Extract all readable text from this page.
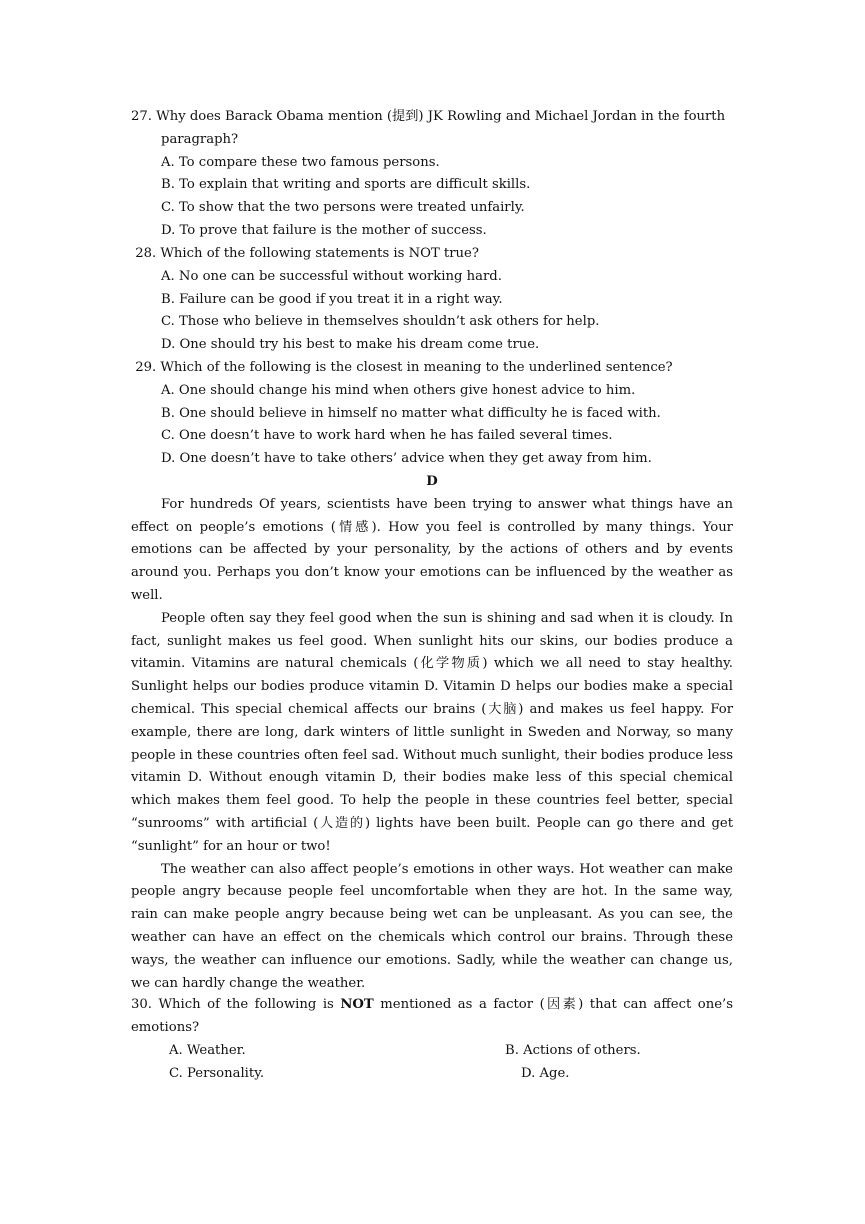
27. Why does Barack Obama mention (提到) JK Rowling and Michael Jordan in the fourth
paragraph?
A. To compare these two famous persons.
B. To explain that writing and sports are difficult skills.
C. To show that the two persons were treated unfairly.
D. To prove that failure is the mother of success.
28. Which of the following statements is NOT true?
A. No one can be successful without working hard.
B. Failure can be good if you treat it in a right way.
C. Those who believe in themselves shouldn’t ask others for help.
D. One should try his best to make his dream come true.
29. Which of the following is the closest in meaning to the underlined sentence?
A. One should change his mind when others give honest advice to him.
B. One should believe in himself no matter what difficulty he is faced with.
C. One doesn’t have to work hard when he has failed several times.
D. One doesn’t have to take others’ advice when they get away from him.
D

For hundreds Of years, scientists have been trying to answer what things have an effect on people’s emotions (情感). How you feel is controlled by many things. Your emotions can be affected by your personality, by the actions of others and by events around you. Perhaps you don’t know your emotions can be influenced by the weather as well.

People often say they feel good when the sun is shining and sad when it is cloudy. In fact, sunlight makes us feel good. When sunlight hits our skins, our bodies produce a vitamin. Vitamins are natural chemicals (化学物质) which we all need to stay healthy. Sunlight helps our bodies produce vitamin D. Vitamin D helps our bodies make a special chemical. This special chemical affects our brains (大脑) and makes us feel happy. For example, there are long, dark winters of little sunlight in Sweden and Norway, so many people in these countries often feel sad. Without much sunlight, their bodies produce less vitamin D. Without enough vitamin D, their bodies make less of this special chemical which makes them feel good. To help the people in these countries feel better, special “sunrooms” with artificial (人造的) lights have been built. People can go there and get “sunlight” for an hour or two!

The weather can also affect people’s emotions in other ways. Hot weather can make people angry because people feel uncomfortable when they are hot. In the same way, rain can make people angry because being wet can be unpleasant. As you can see, the weather can have an effect on the chemicals which control our brains. Through these ways, the weather can influence our emotions. Sadly, while the weather can change us, we can hardly change the weather.

30. Which of the following is NOT mentioned as a factor (因素) that can affect one’s emotions?
A. Weather.	B. Actions of others.
C. Personality.	D. Age.
